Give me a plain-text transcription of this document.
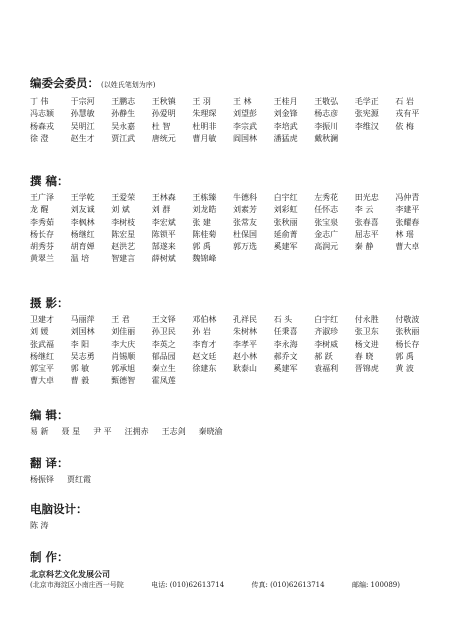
编委会委员： (以姓氏笔划为序)
丁 伟	于宗河	王鹏志	王秋镇	王 羽	王 林	王桂月	王敬弘	毛学正	石 岩
冯志颖	孙慧敏	孙静生	孙爱明	朱理琛	刘望彭	刘金锋	杨志彦	张宪源	戎有平
杨森戎	吴明江	吴永嘉	杜 智	杜明非	李宗武	李培武	李振川	李维汉	依 梅
徐 澄	赵生才	贾江武	唐统元	曹月敏	阎国林	潘猛虎	戴秋澜
撰 稿：
王广泽	王学乾	王爱荣	王林森	王栋臻	牛德科	白宇红	左秀花	田光忠	冯仲青
龙 醒	刘友诚	刘 斌	刘 群	刘龙皓	刘素芳	刘彩虹	任怀志	李 云	李建平
李秀茹	李枫林	李树枝	李宏斌	张 建	张常友	张秋丽	张宝泉	张春喜	张耀春
杨长存	杨继红	陈宏星	陈锁平	陈桂菊	杜保国	延俞菁	金志广	屈志平	林 瑶
胡秀芬	胡育婵	赵洪艺	郜遂来	郭 禹	郭万选	奚建军	高润元	秦 静	曹大卓
黄翠兰	温 培	智建言	薛树斌	魏锦峰
摄 影：
卫建才	马丽萍	王 君	王文铎	邓伯林	孔祥民	石 头	白宇红	付永胜	付敬波
刘 媛	刘国林	刘佳丽	孙卫民	孙 岩	朱树林	任秉喜	齐淑珍	张卫东	张秋丽
张武福	李 阳	李大庆	李英之	李育才	李孝平	李永海	李树威	杨文进	杨长存
杨继红	吴志勇	肖锡顺	郁品园	赵文廷	赵小林	郝乔文	郝 跃	春 晓	郭 禹
郭宝平	郭 敏	郭承旭	秦立生	徐建东	耿泰山	奚建军	袁福利	晋锦虎	黄 波
曹大卓	曹 毅	甄德智	霍凤莲
编 辑：
易 新 聂 星 尹 平 汪拥赤 王志剑 秦晓渝
翻 译：
杨振铎 贾红霞
电脑设计：
陈 涛
制 作：
北京科艺文化发展公司
(北京市海淀区小南庄西一号院	电话: (010)62613714	传真: (010)62613714	邮编: 100089)
